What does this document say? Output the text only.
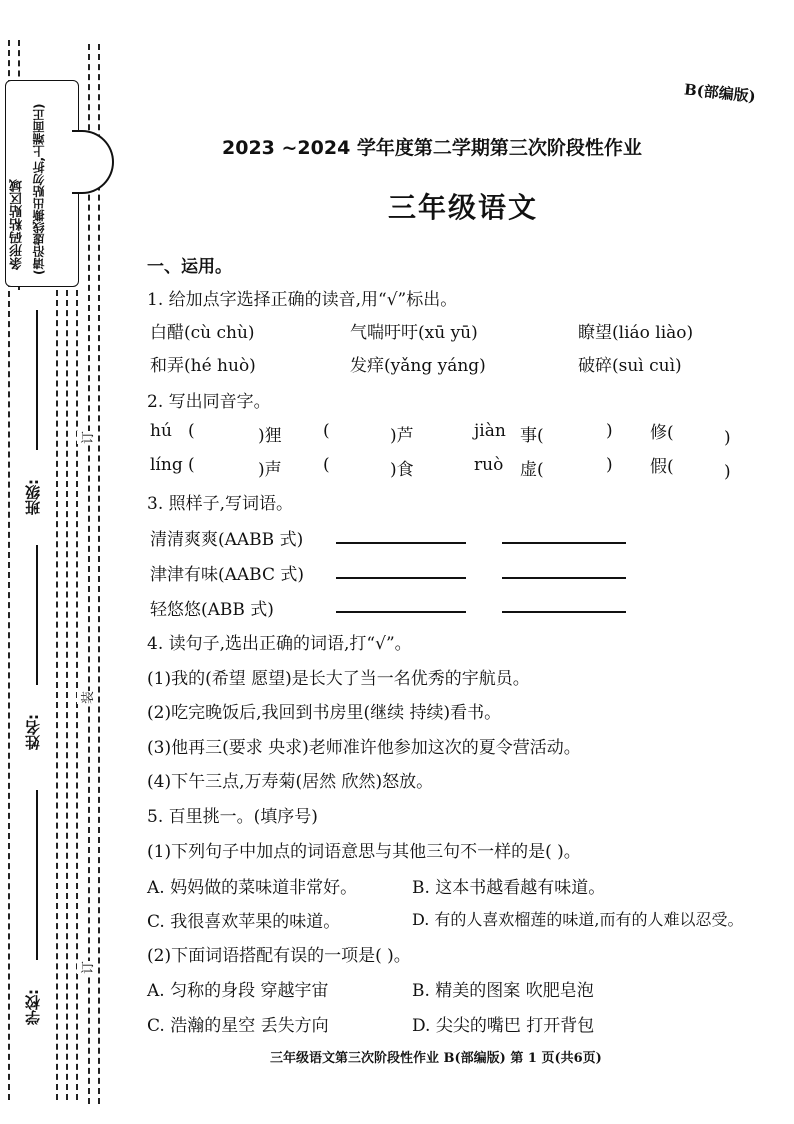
条形码粘贴区域 (请沿虚线撕出贴勿折,上端面正)
订
装
订
班级:
姓名:
学校:
B(部编版)
2023 ~2024 学年度第二学期第三次阶段性作业
三年级语文
一、运用。
1. 给加点字选择正确的读音,用“√”标出。
白醋(cù chù)	气喘吁吁(xū yū)	瞭望(liáo liào)
和弄(hé huò)	发痒(yǎng yáng)	破碎(suì cuì)
2. 写出同音字。
hú (	)狸 (	)芦	jiàn 事(	) 修(	)
líng (	)声 (	)食	ruò 虚(	) 假(	)
3. 照样子,写词语。
清清爽爽(AABB 式)
津津有味(AABC 式)
轻悠悠(ABB 式)
4. 读句子,选出正确的词语,打“√”。
(1)我的(希望 愿望)是长大了当一名优秀的宇航员。
(2)吃完晚饭后,我回到书房里(继续 持续)看书。
(3)他再三(要求 央求)老师准许他参加这次的夏令营活动。
(4)下午三点,万寿菊(居然 欣然)怒放。
5. 百里挑一。(填序号)
(1)下列句子中加点的词语意思与其他三句不一样的是( )。
A. 妈妈做的菜味道非常好。	B. 这本书越看越有味道。
C. 我很喜欢苹果的味道。	D. 有的人喜欢榴莲的味道,而有的人难以忍受。
(2)下面词语搭配有误的一项是( )。
A. 匀称的身段 穿越宇宙	B. 精美的图案 吹肥皂泡
C. 浩瀚的星空 丢失方向	D. 尖尖的嘴巴 打开背包
三年级语文第三次阶段性作业 B(部编版) 第 1 页(共6页)
